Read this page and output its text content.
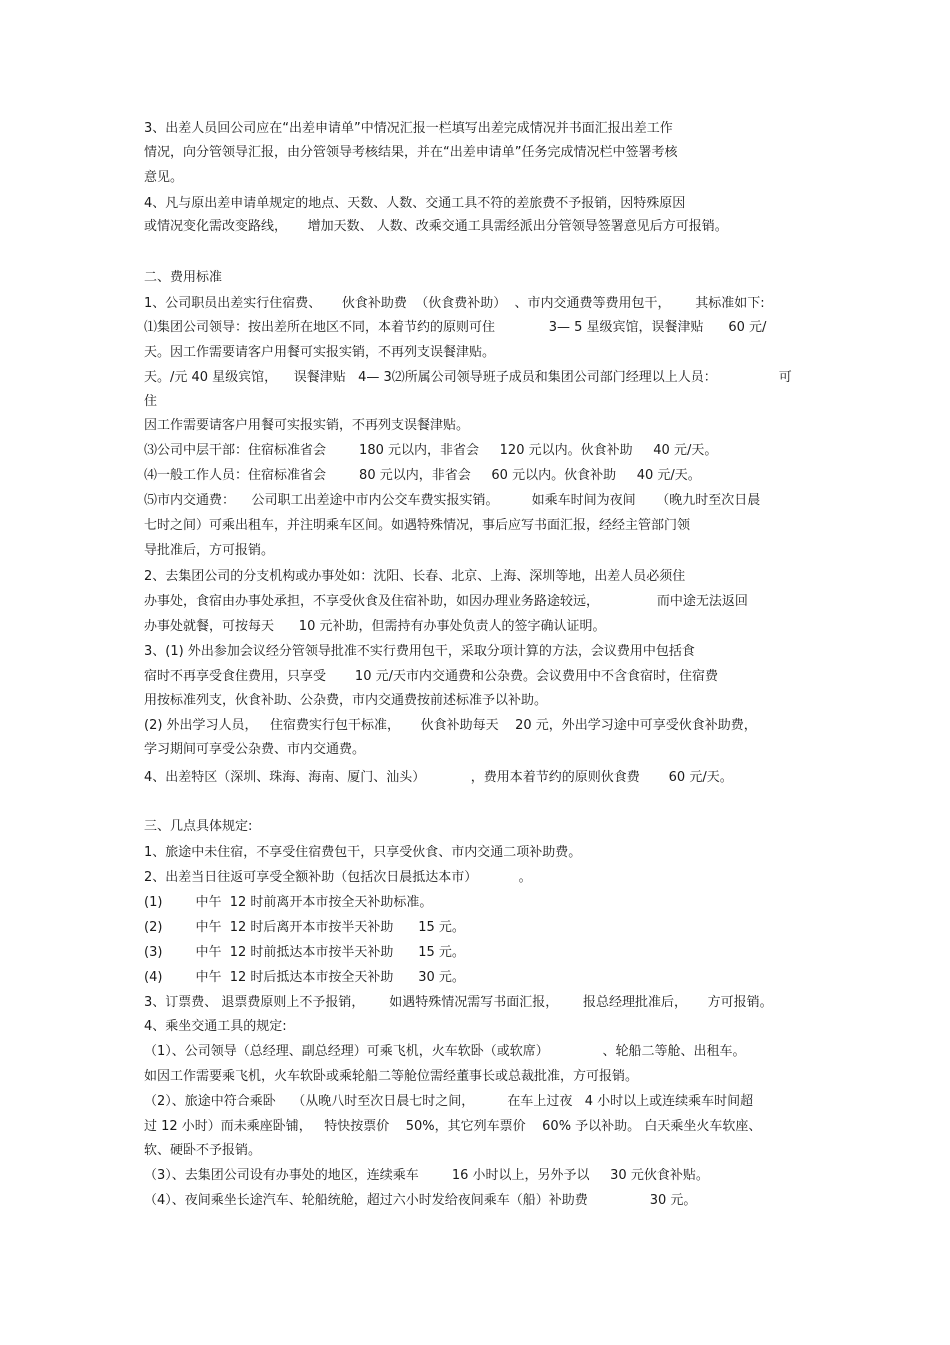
3、出差人员回公司应在“出差申请单”中情况汇报一栏填写出差完成情况并书面汇报出差工作
情况，向分管领导汇报，由分管领导考核结果，并在“出差申请单”任务完成情况栏中签署考核
意见。
4、凡与原出差申请单规定的地点、天数、人数、交通工具不符的差旅费不予报销，因特殊原因
或情况变化需改变路线，     增加天数、 人数、改乘交通工具需经派出分管领导签署意见后方可报销。
二、费用标准
1、公司职员出差实行住宿费、     伙食补助费  （伙食费补助）  、市内交通费等费用包干，      其标准如下:
⑴集团公司领导：按出差所在地区不同，本着节约的原则可住             3— 5 星级宾馆，误餐津贴      60 元/
天。因工作需要请客户用餐可实报实销，不再列支误餐津贴。
天。/元 40 星级宾馆，    误餐津贴   4— 3⑵所属公司领导班子成员和集团公司部门经理以上人员：               可
住
因工作需要请客户用餐可实报实销，不再列支误餐津贴。
⑶公司中层干部：住宿标准省会        180 元以内，非省会     120 元以内。伙食补助     40 元/天。
⑷一般工作人员：住宿标准省会        80 元以内，非省会     60 元以内。伙食补助     40 元/天。
⑸市内交通费：    公司职工出差途中市内公交车费实报实销。        如乘车时间为夜间     （晚九时至次日晨
七时之间）可乘出租车，并注明乘车区间。如遇特殊情况，事后应写书面汇报，经经主管部门领
导批准后，方可报销。
2、去集团公司的分支机构或办事处如：沈阳、长春、北京、上海、深圳等地，出差人员必须住
办事处，食宿由办事处承担，不享受伙食及住宿补助，如因办理业务路途较远，              而中途无法返回
办事处就餐，可按每天      10 元补助，但需持有办事处负责人的签字确认证明。
3、(1) 外出参加会议经分管领导批准不实行费用包干，采取分项计算的方法，会议费用中包括食
宿时不再享受食住费用，只享受       10 元/天市内交通费和公杂费。会议费用中不含食宿时，住宿费
用按标准列支，伙食补助、公杂费，市内交通费按前述标准予以补助。
(2) 外出学习人员，   住宿费实行包干标准，     伙食补助每天    20 元，外出学习途中可享受伙食补助费，
学习期间可享受公杂费、市内交通费。
4、出差特区（深圳、珠海、海南、厦门、汕头）           ，费用本着节约的原则伙食费       60 元/天。
三、几点具体规定:
1、旅途中未住宿，不享受住宿费包干，只享受伙食、市内交通二项补助费。
2、出差当日往返可享受全额补助（包括次日晨抵达本市）          。
(1)        中午  12 时前离开本市按全天补助标准。
(2)        中午  12 时后离开本市按半天补助      15 元。
(3)        中午  12 时前抵达本市按半天补助      15 元。
(4)        中午  12 时后抵达本市按全天补助      30 元。
3、订票费、 退票费原则上不予报销，      如遇特殊情况需写书面汇报，      报总经理批准后，     方可报销。
4、乘坐交通工具的规定:
（1）、公司领导（总经理、副总经理）可乘飞机，火车软卧（或软席）             、轮船二等舱、出租车。
如因工作需要乘飞机，火车软卧或乘轮船二等舱位需经董事长或总裁批准，方可报销。
（2）、旅途中符合乘卧    （从晚八时至次日晨七时之间，        在车上过夜   4 小时以上或连续乘车时间超
过 12 小时）而未乘座卧铺，   特快按票价    50%，其它列车票价    60% 予以补助。 白天乘坐火车软座、
软、硬卧不予报销。
（3）、去集团公司设有办事处的地区，连续乘车        16 小时以上，另外予以     30 元伙食补贴。
（4）、夜间乘坐长途汽车、轮船统舱，超过六小时发给夜间乘车（船）补助费               30 元。
